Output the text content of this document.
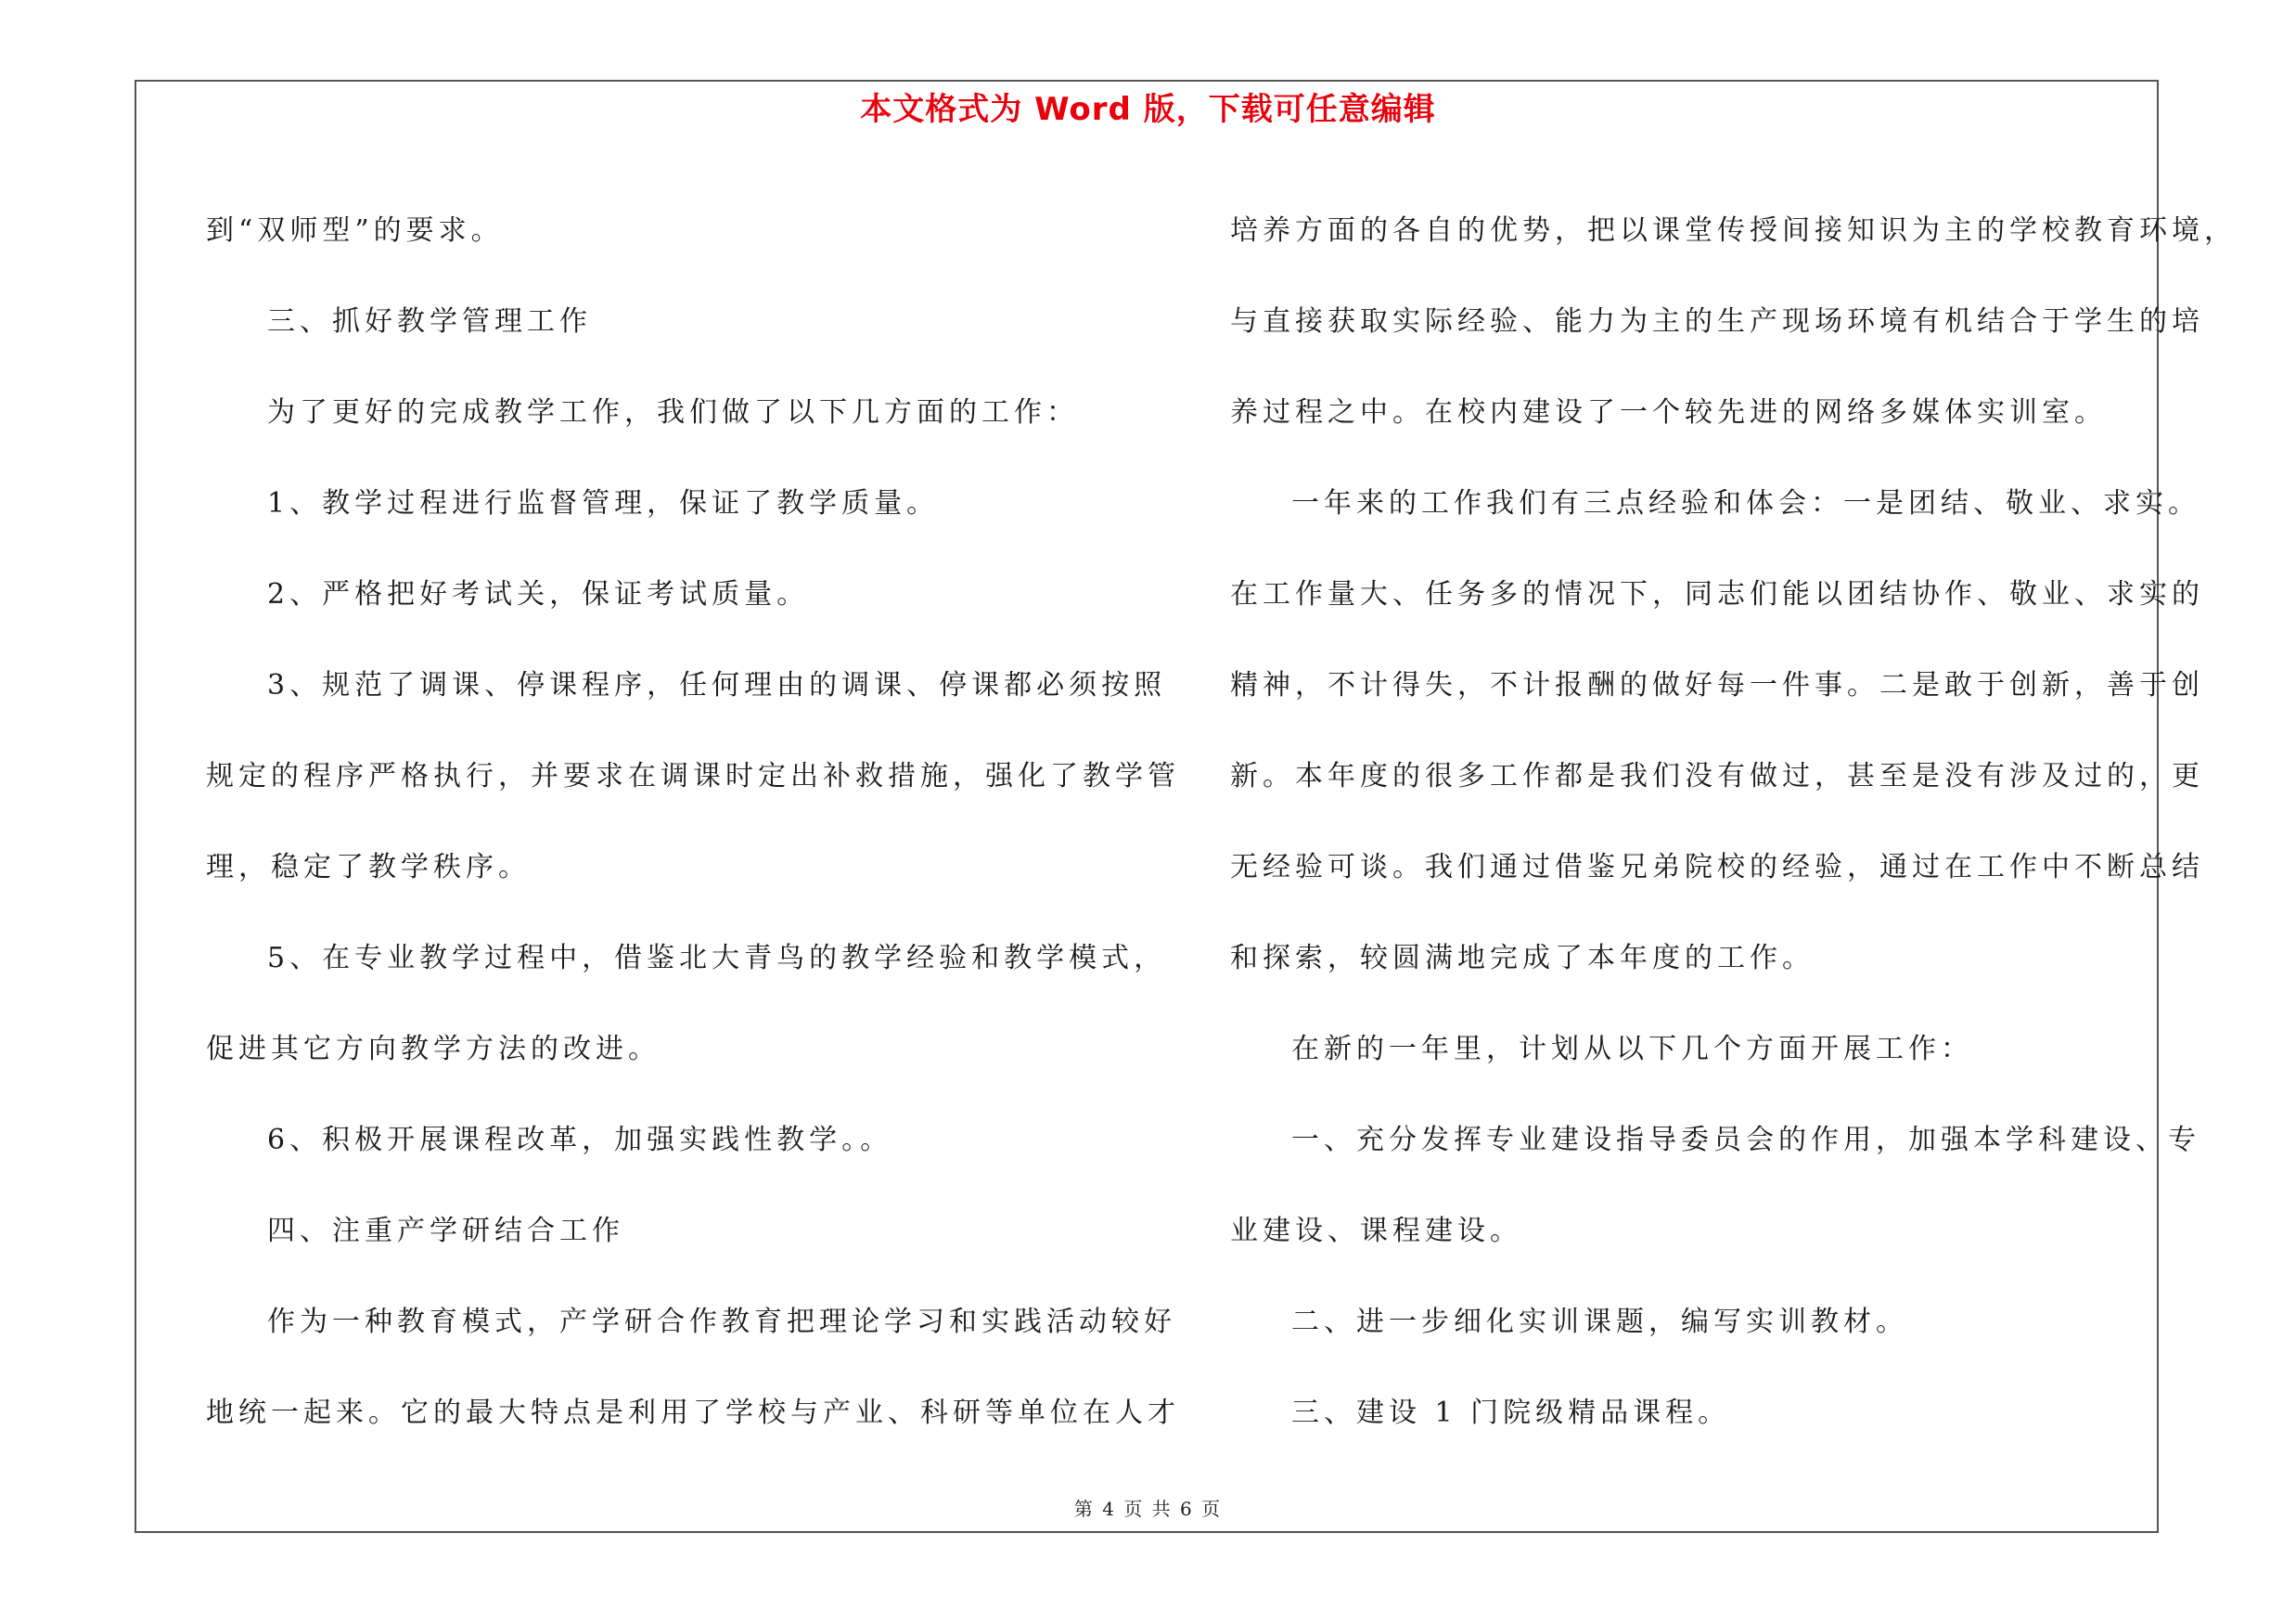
本文格式为 Word 版，下载可任意编辑

到“双师型”的要求。

三、抓好教学管理工作

为了更好的完成教学工作，我们做了以下几方面的工作：

1、教学过程进行监督管理，保证了教学质量。

2、严格把好考试关，保证考试质量。

3、规范了调课、停课程序，任何理由的调课、停课都必须按照

规定的程序严格执行，并要求在调课时定出补救措施，强化了教学管

理，稳定了教学秩序。

5、在专业教学过程中，借鉴北大青鸟的教学经验和教学模式，

促进其它方向教学方法的改进。

6、积极开展课程改革，加强实践性教学。。

四、注重产学研结合工作

作为一种教育模式，产学研合作教育把理论学习和实践活动较好

地统一起来。它的最大特点是利用了学校与产业、科研等单位在人才

培养方面的各自的优势，把以课堂传授间接知识为主的学校教育环境，

与直接获取实际经验、能力为主的生产现场环境有机结合于学生的培

养过程之中。在校内建设了一个较先进的网络多媒体实训室。

一年来的工作我们有三点经验和体会：一是团结、敬业、求实。

在工作量大、任务多的情况下，同志们能以团结协作、敬业、求实的

精神，不计得失，不计报酬的做好每一件事。二是敢于创新，善于创

新。本年度的很多工作都是我们没有做过，甚至是没有涉及过的，更

无经验可谈。我们通过借鉴兄弟院校的经验，通过在工作中不断总结

和探索，较圆满地完成了本年度的工作。

在新的一年里，计划从以下几个方面开展工作：

一、充分发挥专业建设指导委员会的作用，加强本学科建设、专

业建设、课程建设。

二、进一步细化实训课题，编写实训教材。

三、建设 1 门院级精品课程。

第 4 页 共 6 页
